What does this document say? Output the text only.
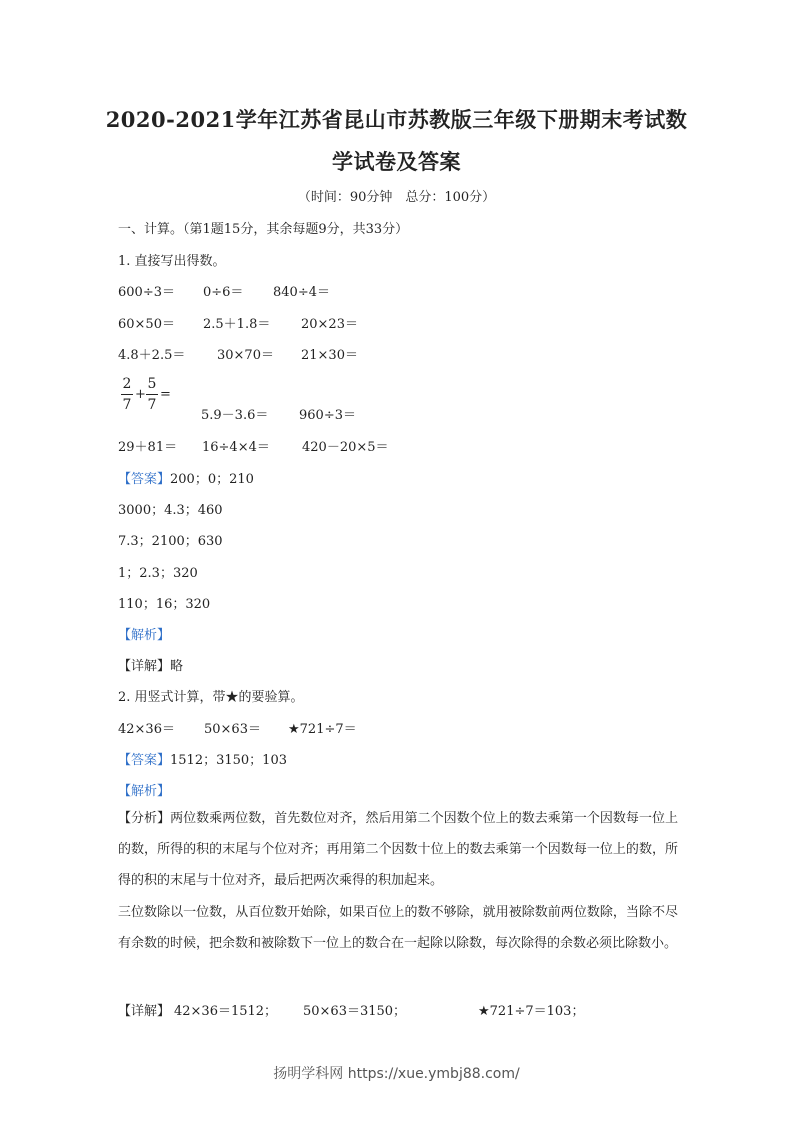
2020-2021学年江苏省昆山市苏教版三年级下册期末考试数
学试卷及答案
（时间：90分钟　总分：100分）
一、计算。（第1题15分，其余每题9分，共33分）
1. 直接写出得数。
600÷3＝ 0÷6＝ 840÷4＝
60×50＝ 2.5＋1.8＝ 20×23＝
4.8＋2.5＝ 30×70＝ 21×30＝
2
7
+
5
7
=
5.9－3.6＝ 960÷3＝
29＋81＝ 16÷4×4＝ 420－20×5＝
【答案】200；0；210
3000；4.3；460
7.3；2100；630
1；2.3；320
110；16；320
【解析】
【详解】略
2. 用竖式计算，带★的要验算。
42×36＝ 50×63＝ ★721÷7＝
【答案】1512；3150；103
【解析】
【分析】两位数乘两位数，首先数位对齐，然后用第二个因数个位上的数去乘第一个因数每一位上的数，所得的积的末尾与个位对齐；再用第二个因数十位上的数去乘第一个因数每一位上的数，所得的积的末尾与十位对齐，最后把两次乘得的积加起来。
三位数除以一位数，从百位数开始除，如果百位上的数不够除，就用被除数前两位数除，当除不尽有余数的时候，把余数和被除数下一位上的数合在一起除以除数，每次除得的余数必须比除数小。
【详解】 42×36＝1512； 50×63＝3150；	★721÷7＝103；
扬明学科网 https://xue.ymbj88.com/
